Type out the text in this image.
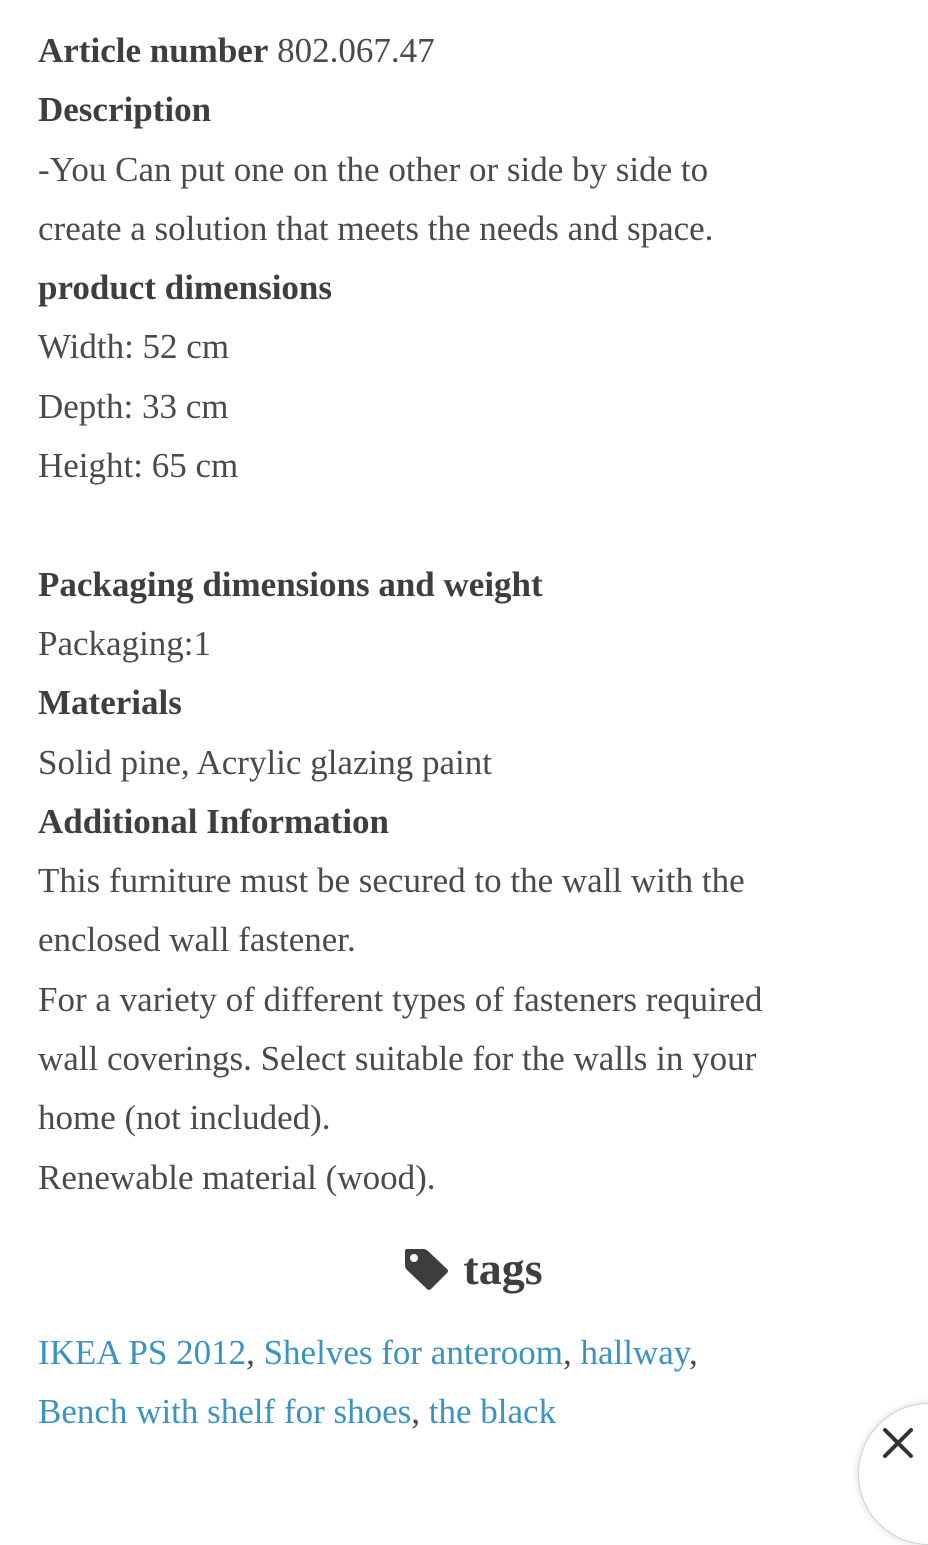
Article number 802.067.47
Description
-You Can put one on the other or side by side to
create a solution that meets the needs and space.
product dimensions
Width: 52 cm
Depth: 33 cm
Height: 65 cm
Packaging dimensions and weight
Packaging:1
Materials
Solid pine, Acrylic glazing paint
Additional Information
This furniture must be secured to the wall with the
enclosed wall fastener.
For a variety of different types of fasteners required
wall coverings. Select suitable for the walls in your
home (not included).
Renewable material (wood).
tags
IKEA PS 2012, Shelves for anteroom, hallway,
Bench with shelf for shoes, the black
